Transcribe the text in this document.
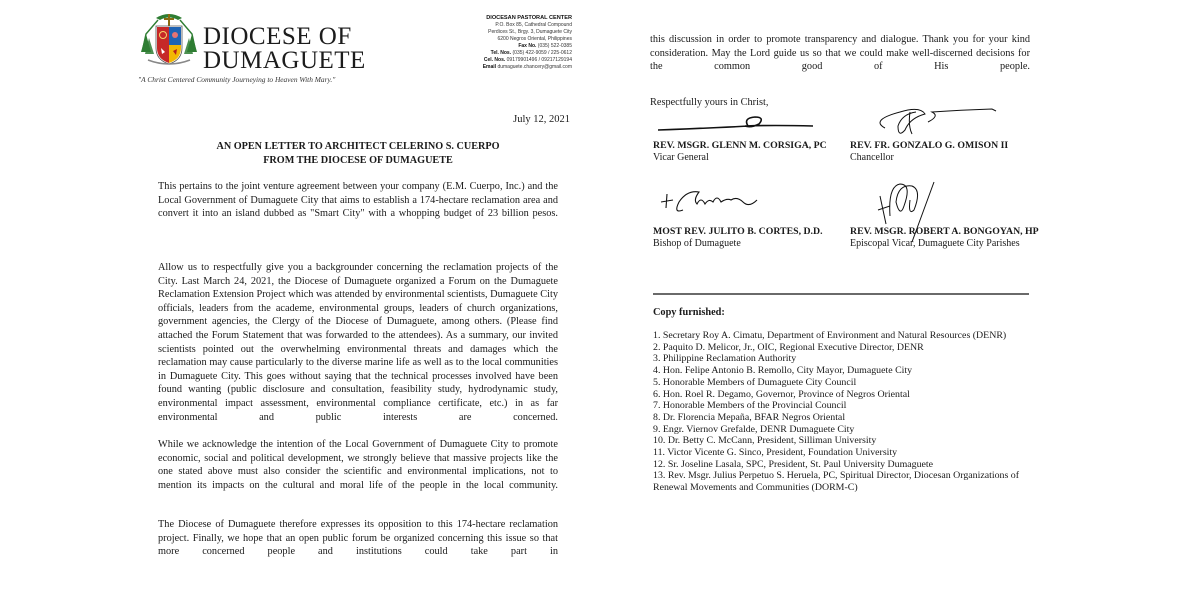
DIOCESE OF
DUMAGUETE
"A Christ Centered Community Journeying to Heaven With Mary."
DIOCESAN PASTORAL CENTER
P.O. Box 85, Cathedral Compound
Perdices St., Brgy. 3, Dumaguete City
6200 Negros Oriental, Philippines
Fax No. (035) 522-0385
Tel. Nos. (035) 422-9059 / 225-0612
Cel. Nos. 09179901496 / 09217129194
Email dumaguete.chancery@gmail.com
July 12, 2021
AN OPEN LETTER TO ARCHITECT CELERINO S. CUERPO
FROM THE DIOCESE OF DUMAGUETE

This pertains to the joint venture agreement between your company (E.M. Cuerpo, Inc.) and the Local Government of Dumaguete City that aims to establish a 174-hectare reclamation area and convert it into an island dubbed as "Smart City" with a whopping budget of 23 billion pesos.

Allow us to respectfully give you a backgrounder concerning the reclamation projects of the City. Last March 24, 2021, the Diocese of Dumaguete organized a Forum on the Dumaguete Reclamation Extension Project which was attended by environmental scientists, Dumaguete City officials, leaders from the academe, environmental groups, leaders of church organizations, government agencies, the Clergy of the Diocese of Dumaguete, among others. (Please find attached the Forum Statement that was forwarded to the attendees). As a summary, our invited scientists pointed out the overwhelming environmental threats and damages which the reclamation may cause particularly to the diverse marine life as well as to the local communities in Dumaguete City. This goes without saying that the technical processes involved have been found wanting (public disclosure and consultation, feasibility study, hydrodynamic study, environmental impact assessment, environmental compliance certificate, etc.) in as far environmental and public interests are concerned.

While we acknowledge the intention of the Local Government of Dumaguete City to promote economic, social and political development, we strongly believe that massive projects like the one stated above must also consider the scientific and environmental implications, not to mention its impacts on the cultural and moral life of the people in the local community.

The Diocese of Dumaguete therefore expresses its opposition to this 174-hectare reclamation project. Finally, we hope that an open public forum be organized concerning this issue so that more concerned people and institutions could take part in

this discussion in order to promote transparency and dialogue. Thank you for your kind consideration. May the Lord guide us so that we could make well-discerned decisions for the common good of His people.

Respectfully yours in Christ,
REV. MSGR. GLENN M. CORSIGA, PC
Vicar General
REV. FR. GONZALO G. OMISON II
Chancellor
MOST REV. JULITO B. CORTES, D.D.
Bishop of Dumaguete
REV. MSGR. ROBERT A. BONGOYAN, HP
Episcopal Vicar, Dumaguete City Parishes
Copy furnished:
1. Secretary Roy A. Cimatu, Department of Environment and Natural Resources (DENR)
2. Paquito D. Melicor, Jr., OIC, Regional Executive Director, DENR
3. Philippine Reclamation Authority
4. Hon. Felipe Antonio B. Remollo, City Mayor, Dumaguete City
5. Honorable Members of Dumaguete City Council
6. Hon. Roel R. Degamo, Governor, Province of Negros Oriental
7. Honorable Members of the Provincial Council
8. Dr. Florencia Mepaña, BFAR Negros Oriental
9. Engr. Viernov Grefalde, DENR Dumaguete City
10. Dr. Betty C. McCann, President, Silliman University
11. Victor Vicente G. Sinco, President, Foundation University
12. Sr. Joseline Lasala, SPC, President, St. Paul University Dumaguete
13. Rev. Msgr. Julius Perpetuo S. Heruela, PC, Spiritual Director, Diocesan Organizations of Renewal Movements and Communities (DORM-C)
